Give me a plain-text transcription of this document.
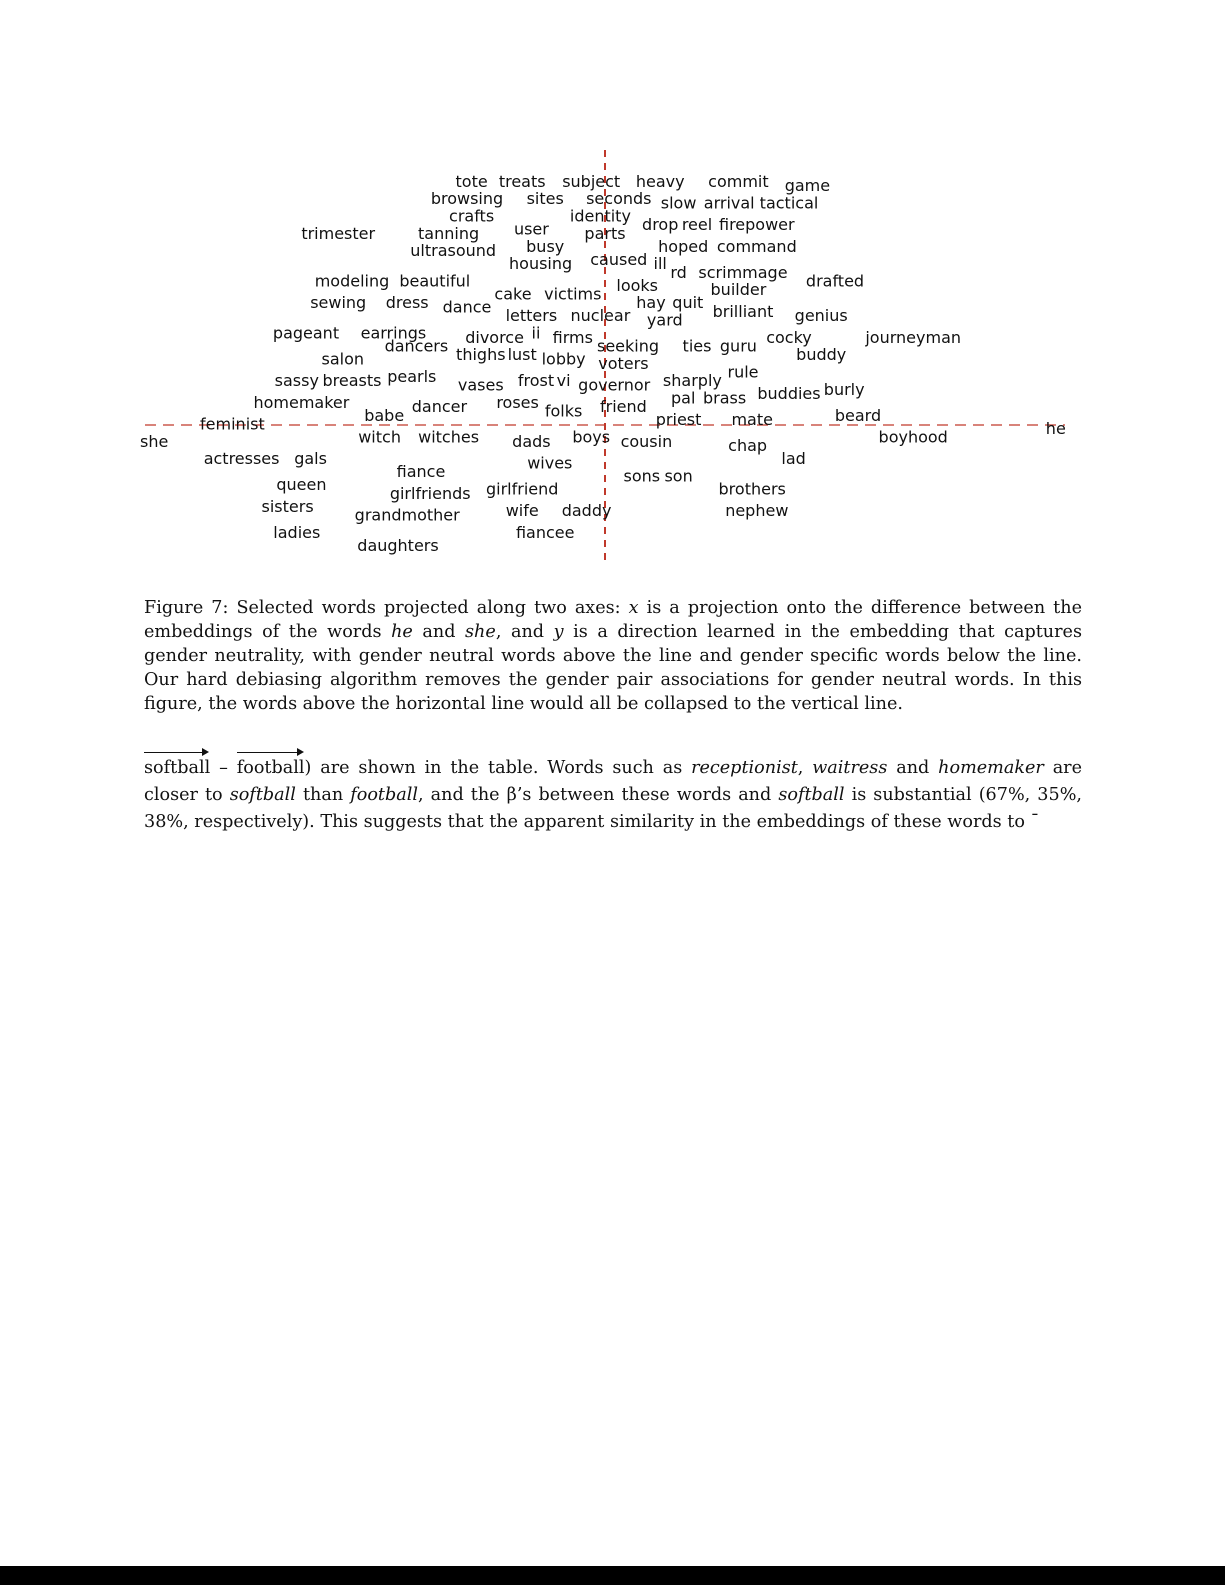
tote treats subject heavy commit game
browsing sites seconds slow arrival tactical
crafts	identity
user	drop reel firepower
trimester	tanning	parts
busy
ultrasound	hoped command
housing caused ill rd scrimmage
modeling beautiful	looks	drafted
cake victims	builder
sewing dress dance	hay quit brilliant
letters nuclear	genius
yard
pageant earrings divorce ii firms	journeyman
cocky
seeking ties guru
dancers
salon	thighs lust lobby voters	buddy
sassy breasts pearls vases frost vi governor sharply rule
buddies burly
homemaker	dancer roses folks friend pal brass
feminist	babe	priest mate	beard
she	witch witches dads boys cousin	chap	boyhood	he
actresses gals	lad
fiance	wives
sons son
queen	girlfriends girlfriend	brothers
sisters	grandmother	wife daddy	nephew
ladies
daughters
fiancee

Figure 7: Selected words projected along two axes: x is a projection onto the difference between the embeddings of the words he and she, and y is a direction learned in the embedding that captures gender neutrality, with gender neutral words above the line and gender specific words below the line. Our hard debiasing algorithm removes the gender pair associations for gender neutral words. In this figure, the words above the horizontal line would all be collapsed to the vertical line.

softball – football) are shown in the table. Words such as receptionist, waitress and homemaker are closer to softball than football, and the β’s between these words and softball is substantial (67%, 35%, 38%, respectively). This suggests that the apparent similarity in the embeddings of these words to ¯
